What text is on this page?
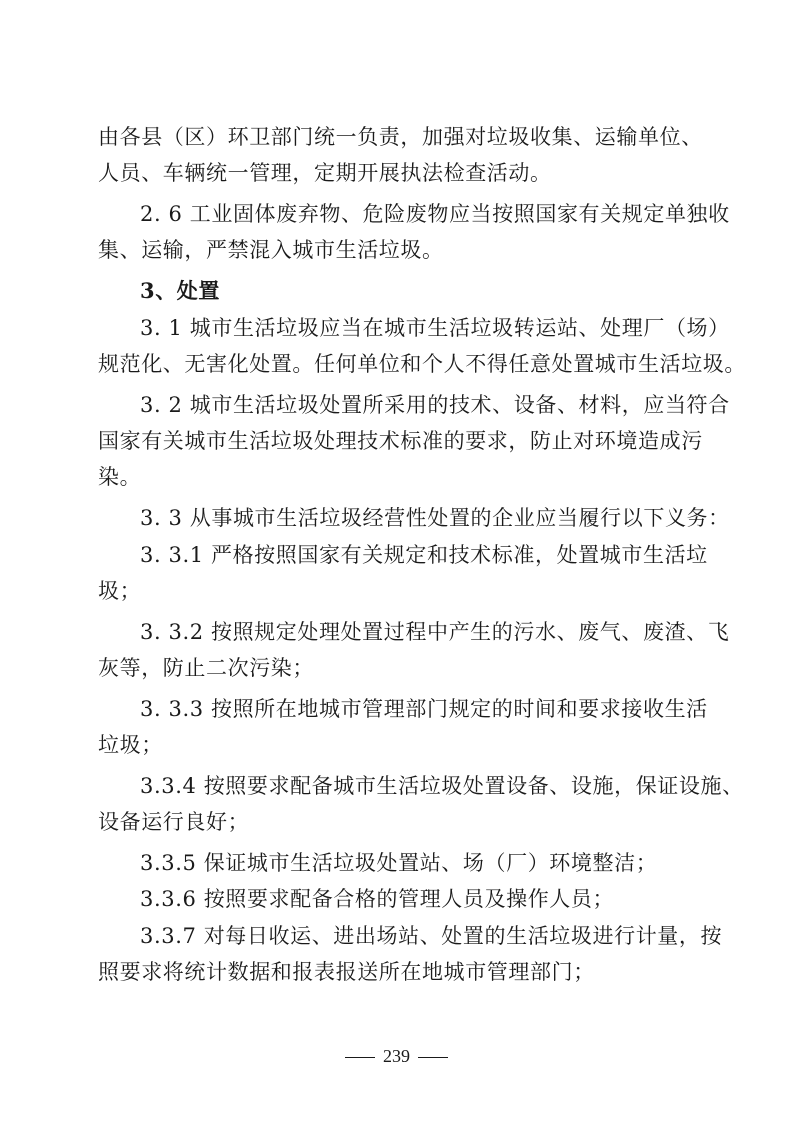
由各县（区）环卫部门统一负责，加强对垃圾收集、运输单位、
人员、车辆统一管理，定期开展执法检查活动。
2. 6 工业固体废弃物、危险废物应当按照国家有关规定单独收
集、运输，严禁混入城市生活垃圾。
3、处置
3. 1 城市生活垃圾应当在城市生活垃圾转运站、处理厂（场）
规范化、无害化处置。任何单位和个人不得任意处置城市生活垃圾。
3. 2 城市生活垃圾处置所采用的技术、设备、材料，应当符合
国家有关城市生活垃圾处理技术标准的要求，防止对环境造成污
染。
3. 3 从事城市生活垃圾经营性处置的企业应当履行以下义务：
3. 3.1 严格按照国家有关规定和技术标准，处置城市生活垃
圾；
3. 3.2 按照规定处理处置过程中产生的污水、废气、废渣、飞
灰等，防止二次污染；
3. 3.3 按照所在地城市管理部门规定的时间和要求接收生活
垃圾；
3.3.4 按照要求配备城市生活垃圾处置设备、设施，保证设施、
设备运行良好；
3.3.5 保证城市生活垃圾处置站、场（厂）环境整洁；
3.3.6 按照要求配备合格的管理人员及操作人员；
3.3.7 对每日收运、进出场站、处置的生活垃圾进行计量，按
照要求将统计数据和报表报送所在地城市管理部门；
239
